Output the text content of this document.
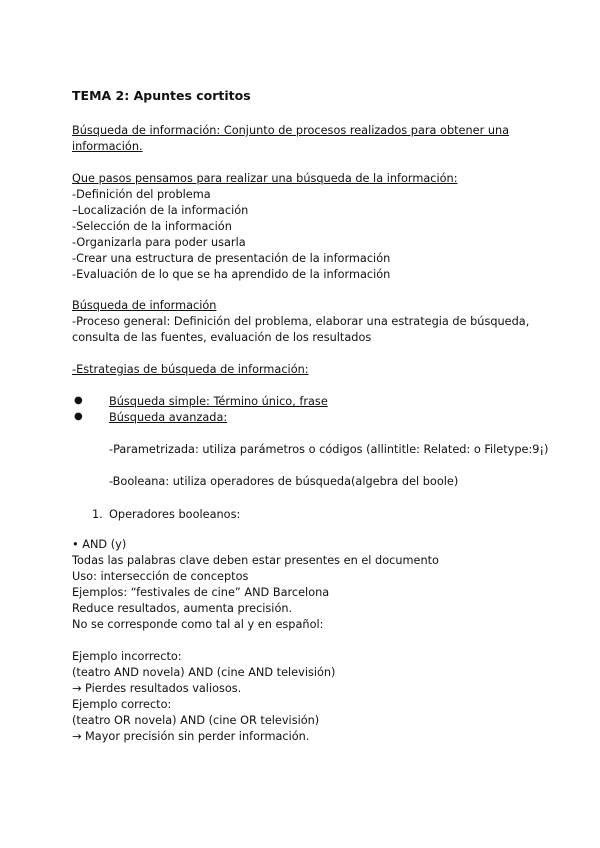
TEMA 2: Apuntes cortitos
Búsqueda de información: Conjunto de procesos realizados para obtener una
información.
Que pasos pensamos para realizar una búsqueda de la información:
-Definición del problema
–Localización de la información
-Selección de la información
-Organizarla para poder usarla
-Crear una estructura de presentación de la información
-Evaluación de lo que se ha aprendido de la información
Búsqueda de información
-Proceso general: Definición del problema, elaborar una estrategia de búsqueda,
consulta de las fuentes, evaluación de los resultados
-Estrategias de búsqueda de información:
● Búsqueda simple: Término único, frase
● Búsqueda avanzada:
-Parametrizada: utiliza parámetros o códigos (allintitle: Related: o Filetype:9¡)
-Booleana: utiliza operadores de búsqueda(algebra del boole)
1. Operadores booleanos:
• AND (y)
Todas las palabras clave deben estar presentes en el documento
Uso: intersección de conceptos
Ejemplos: “festivales de cine” AND Barcelona
Reduce resultados, aumenta precisión.
No se corresponde como tal al y en español:
Ejemplo incorrecto:
(teatro AND novela) AND (cine AND televisión)
→ Pierdes resultados valiosos.
Ejemplo correcto:
(teatro OR novela) AND (cine OR televisión)
→ Mayor precisión sin perder información.
